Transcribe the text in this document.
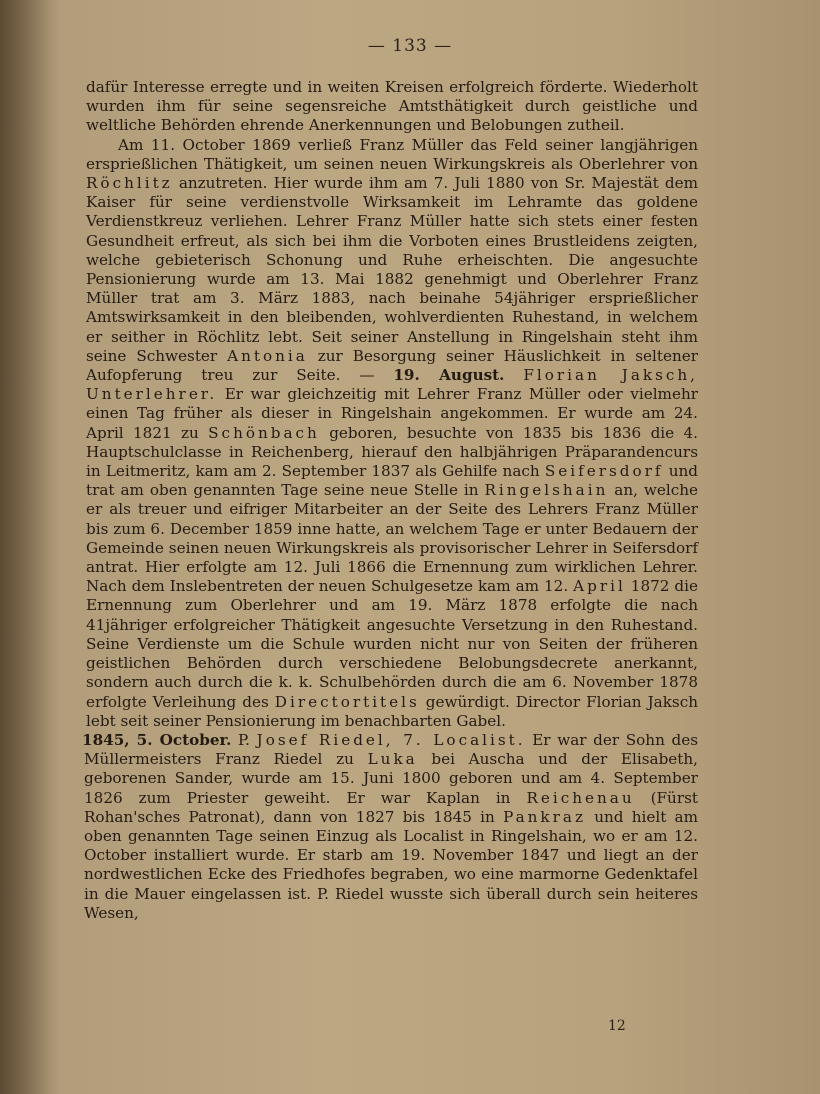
— 133 —

dafür Interesse erregte und in weiten Kreisen erfolgreich förderte. Wiederholt wurden ihm für seine segensreiche Amtsthätigkeit durch geistliche und weltliche Behörden ehrende Anerkennungen und Belobungen zutheil.

Am 11. October 1869 verließ Franz Müller das Feld seiner langjährigen ersprießlichen Thätigkeit, um seinen neuen Wirkungskreis als Oberlehrer von Röchlitz anzutreten. Hier wurde ihm am 7. Juli 1880 von Sr. Majestät dem Kaiser für seine verdienstvolle Wirksamkeit im Lehramte das goldene Verdienstkreuz verliehen. Lehrer Franz Müller hatte sich stets einer festen Gesundheit erfreut, als sich bei ihm die Vorboten eines Brustleidens zeigten, welche gebieterisch Schonung und Ruhe erheischten. Die angesuchte Pensionierung wurde am 13. Mai 1882 genehmigt und Oberlehrer Franz Müller trat am 3. März 1883, nach beinahe 54jähriger ersprießlicher Amtswirksamkeit in den bleibenden, wohlverdienten Ruhestand, in welchem er seither in Röchlitz lebt. Seit seiner Anstellung in Ringelshain steht ihm seine Schwester Antonia zur Besorgung seiner Häuslichkeit in seltener Aufopferung treu zur Seite. — 19. August. Florian Jaksch, Unterlehrer. Er war gleichzeitig mit Lehrer Franz Müller oder vielmehr einen Tag früher als dieser in Ringelshain angekommen. Er wurde am 24. April 1821 zu Schönbach geboren, besuchte von 1835 bis 1836 die 4. Hauptschulclasse in Reichenberg, hierauf den halbjährigen Präparandencurs in Leitmeritz, kam am 2. September 1837 als Gehilfe nach Seifersdorf und trat am oben genannten Tage seine neue Stelle in Ringelshain an, welche er als treuer und eifriger Mitarbeiter an der Seite des Lehrers Franz Müller bis zum 6. December 1859 inne hatte, an welchem Tage er unter Bedauern der Gemeinde seinen neuen Wirkungskreis als provisorischer Lehrer in Seifersdorf antrat. Hier erfolgte am 12. Juli 1866 die Ernennung zum wirklichen Lehrer. Nach dem Inslebentreten der neuen Schulgesetze kam am 12. April 1872 die Ernennung zum Oberlehrer und am 19. März 1878 erfolgte die nach 41jähriger erfolgreicher Thätigkeit angesuchte Versetzung in den Ruhestand. Seine Verdienste um die Schule wurden nicht nur von Seiten der früheren geistlichen Behörden durch verschiedene Belobungsdecrete anerkannt, sondern auch durch die k. k. Schulbehörden durch die am 6. November 1878 erfolgte Verleihung des Directortitels gewürdigt. Director Florian Jaksch lebt seit seiner Pensionierung im benachbarten Gabel.

1845, 5. October. P. Josef Riedel, 7. Localist. Er war der Sohn des Müllermeisters Franz Riedel zu Luka bei Auscha und der Elisabeth, geborenen Sander, wurde am 15. Juni 1800 geboren und am 4. September 1826 zum Priester geweiht. Er war Kaplan in Reichenau (Fürst Rohan'sches Patronat), dann von 1827 bis 1845 in Pankraz und hielt am oben genannten Tage seinen Einzug als Localist in Ringelshain, wo er am 12. October installiert wurde. Er starb am 19. November 1847 und liegt an der nordwestlichen Ecke des Friedhofes begraben, wo eine marmorne Gedenktafel in die Mauer eingelassen ist. P. Riedel wusste sich überall durch sein heiteres Wesen,

12
